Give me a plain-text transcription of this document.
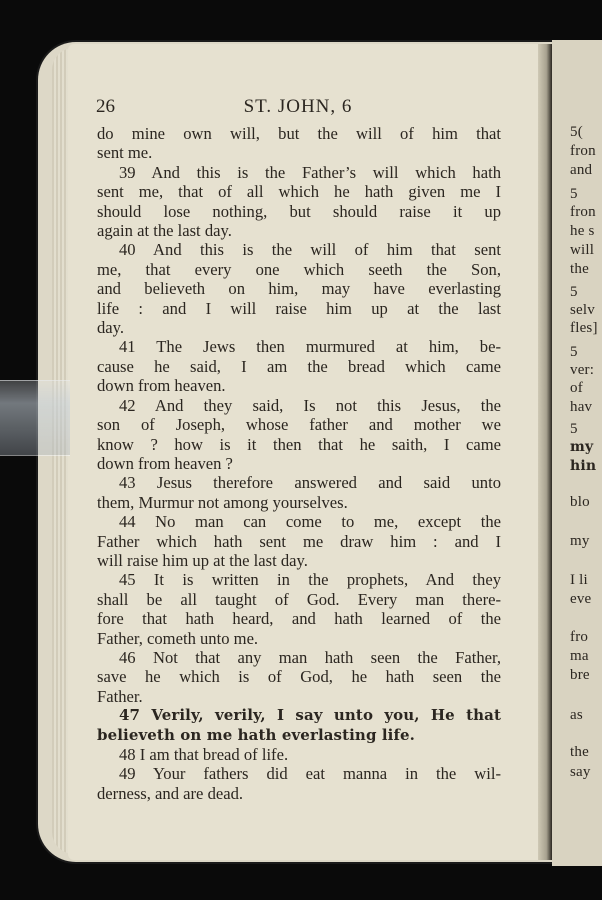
5(
fron
and
5
fron
he s
will
the
5
selv
fles]
5
ver:
of
hav
5
my
hin
blo
my
I li
eve
fro
ma
bre
as
the
say
26	ST. JOHN, 6

do mine own will, but the will of him that

sent me.

39 And this is the Father’s will which hath

sent me, that of all which he hath given me I

should lose nothing, but should raise it up

again at the last day.

40 And this is the will of him that sent

me, that every one which seeth the Son,

and believeth on him, may have everlasting

life : and I will raise him up at the last

day.

41 The Jews then murmured at him, be-

cause he said, I am the bread which came

down from heaven.

42 And they said, Is not this Jesus, the

son of Joseph, whose father and mother we

know ? how is it then that he saith, I came

down from heaven ?

43 Jesus therefore answered and said unto

them, Murmur not among yourselves.

44 No man can come to me, except the

Father which hath sent me draw him : and I

will raise him up at the last day.

45 It is written in the prophets, And they

shall be all taught of God. Every man there-

fore that hath heard, and hath learned of the

Father, cometh unto me.

46 Not that any man hath seen the Father,

save he which is of God, he hath seen the

Father.

47 Verily, verily, I say unto you, He that

believeth on me hath everlasting life.

48 I am that bread of life.

49 Your fathers did eat manna in the wil-

derness, and are dead.
